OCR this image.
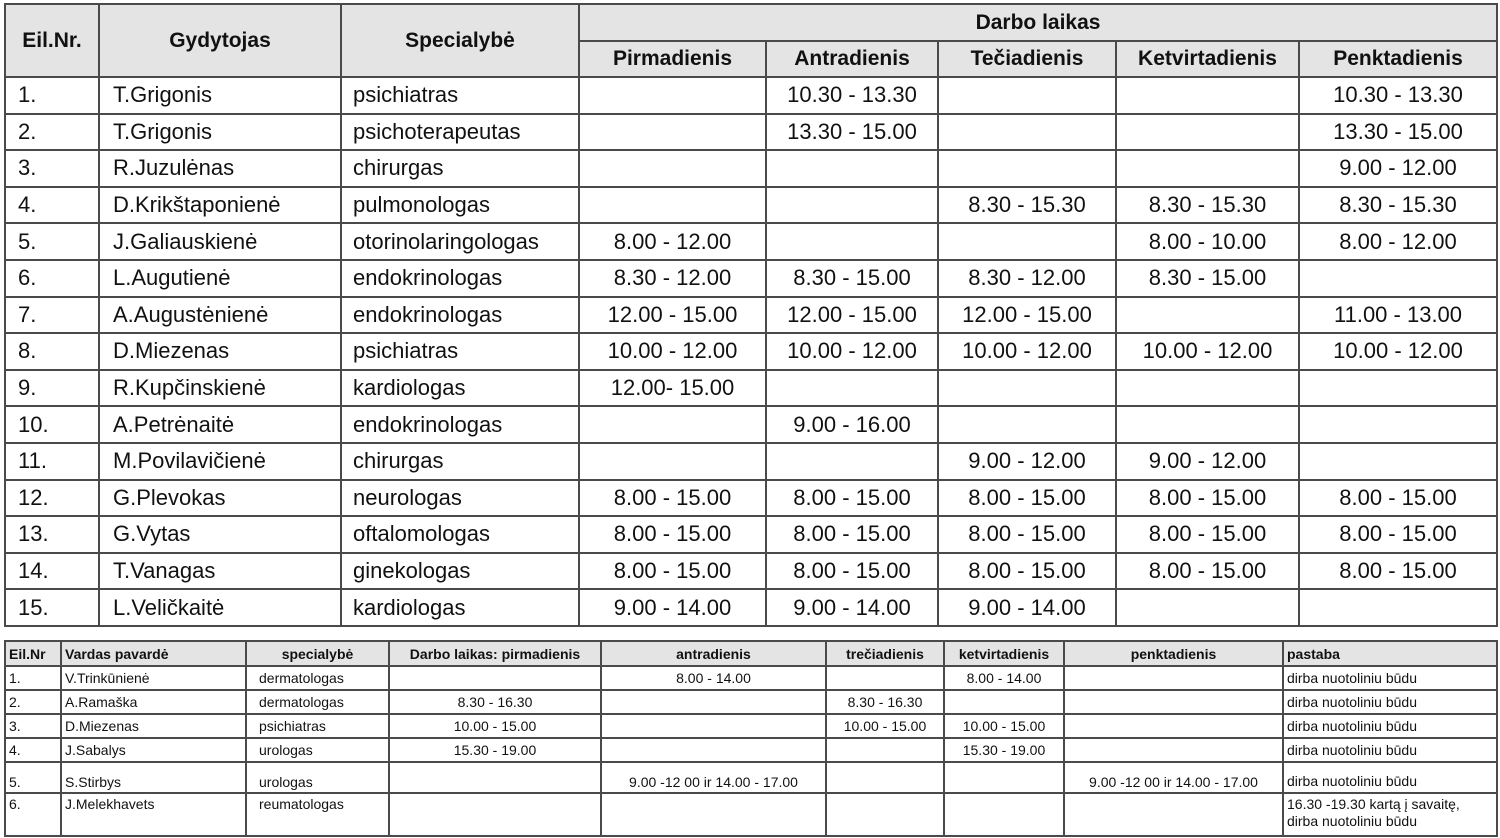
Eil.Nr.	Gydytojas	Specialybė	Darbo laikas				
			Pirmadienis	Antradienis	Tečiadienis	Ketvirtadienis	Penktadienis
1.	T.Grigonis	psichiatras		10.30 - 13.30			10.30 - 13.30
2.	T.Grigonis	psichoterapeutas		13.30 - 15.00			13.30 - 15.00
3.	R.Juzulėnas	chirurgas					9.00 - 12.00
4.	D.Krikštaponienė	pulmonologas			8.30 - 15.30	8.30 - 15.30	8.30 - 15.30
5.	J.Galiauskienė	otorinolaringologas	8.00 - 12.00			8.00 - 10.00	8.00 - 12.00
6.	L.Augutienė	endokrinologas	8.30 - 12.00	8.30 - 15.00	8.30 - 12.00	8.30 - 15.00	
7.	A.Augustėnienė	endokrinologas	12.00 - 15.00	12.00 - 15.00	12.00 - 15.00		11.00 - 13.00
8.	D.Miezenas	psichiatras	10.00 - 12.00	10.00 - 12.00	10.00 - 12.00	10.00 - 12.00	10.00 - 12.00
9.	R.Kupčinskienė	kardiologas	12.00- 15.00				
10.	A.Petrėnaitė	endokrinologas		9.00 - 16.00			
11.	M.Povilavičienė	chirurgas			9.00 - 12.00	9.00 - 12.00	
12.	G.Plevokas	neurologas	8.00 - 15.00	8.00 - 15.00	8.00 - 15.00	8.00 - 15.00	8.00 - 15.00
13.	G.Vytas	oftalomologas	8.00 - 15.00	8.00 - 15.00	8.00 - 15.00	8.00 - 15.00	8.00 - 15.00
14.	T.Vanagas	ginekologas	8.00 - 15.00	8.00 - 15.00	8.00 - 15.00	8.00 - 15.00	8.00 - 15.00
15.	L.Veličkaitė	kardiologas	9.00 - 14.00	9.00 - 14.00	9.00 - 14.00		
Eil.Nr	Vardas pavardė	specialybė	Darbo laikas: pirmadienis	antradienis	trečiadienis	ketvirtadienis	penktadienis	pastaba
1.	V.Trinkūnienė	dermatologas		8.00 - 14.00		8.00 - 14.00		dirba nuotoliniu būdu
2.	A.Ramaška	dermatologas	8.30 - 16.30		8.30 - 16.30			dirba nuotoliniu būdu
3.	D.Miezenas	psichiatras	10.00 - 15.00		10.00 - 15.00	10.00 - 15.00		dirba nuotoliniu būdu
4.	J.Sabalys	urologas	15.30 - 19.00			15.30 - 19.00		dirba nuotoliniu būdu
5.	S.Stirbys	urologas		9.00 -12 00 ir 14.00 - 17.00			9.00 -12 00 ir 14.00 - 17.00	dirba nuotoliniu būdu
6.	J.Melekhavets	reumatologas						16.30 -19.30 kartą į savaitę,
dirba nuotoliniu būdu
